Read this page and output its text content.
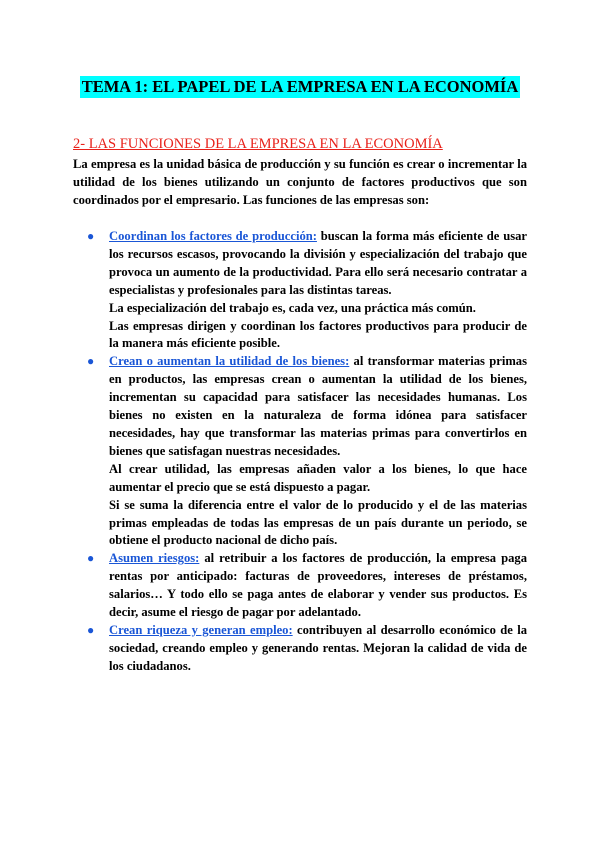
TEMA 1: EL PAPEL DE LA EMPRESA EN LA ECONOMÍA
2- LAS FUNCIONES DE LA EMPRESA EN LA ECONOMÍA
La empresa es la unidad básica de producción y su función es crear o incrementar la utilidad de los bienes utilizando un conjunto de factores productivos que son coordinados por el empresario. Las funciones de las empresas son:
● Coordinan los factores de producción: buscan la forma más eficiente de usar los recursos escasos, provocando la división y especialización del trabajo que provoca un aumento de la productividad. Para ello será necesario contratar a especialistas y profesionales para las distintas tareas.

La especialización del trabajo es, cada vez, una práctica más común.

Las empresas dirigen y coordinan los factores productivos para producir de la manera más eficiente posible.

● Crean o aumentan la utilidad de los bienes: al transformar materias primas en productos, las empresas crean o aumentan la utilidad de los bienes, incrementan su capacidad para satisfacer las necesidades humanas. Los bienes no existen en la naturaleza de forma idónea para satisfacer necesidades, hay que transformar las materias primas para convertirlos en bienes que satisfagan nuestras necesidades.

Al crear utilidad, las empresas añaden valor a los bienes, lo que hace aumentar el precio que se está dispuesto a pagar.

Si se suma la diferencia entre el valor de lo producido y el de las materias primas empleadas de todas las empresas de un país durante un periodo, se obtiene el producto nacional de dicho país.

● Asumen riesgos: al retribuir a los factores de producción, la empresa paga rentas por anticipado: facturas de proveedores, intereses de préstamos, salarios… Y todo ello se paga antes de elaborar y vender sus productos. Es decir, asume el riesgo de pagar por adelantado.

● Crean riqueza y generan empleo: contribuyen al desarrollo económico de la sociedad, creando empleo y generando rentas. Mejoran la calidad de vida de los ciudadanos.
